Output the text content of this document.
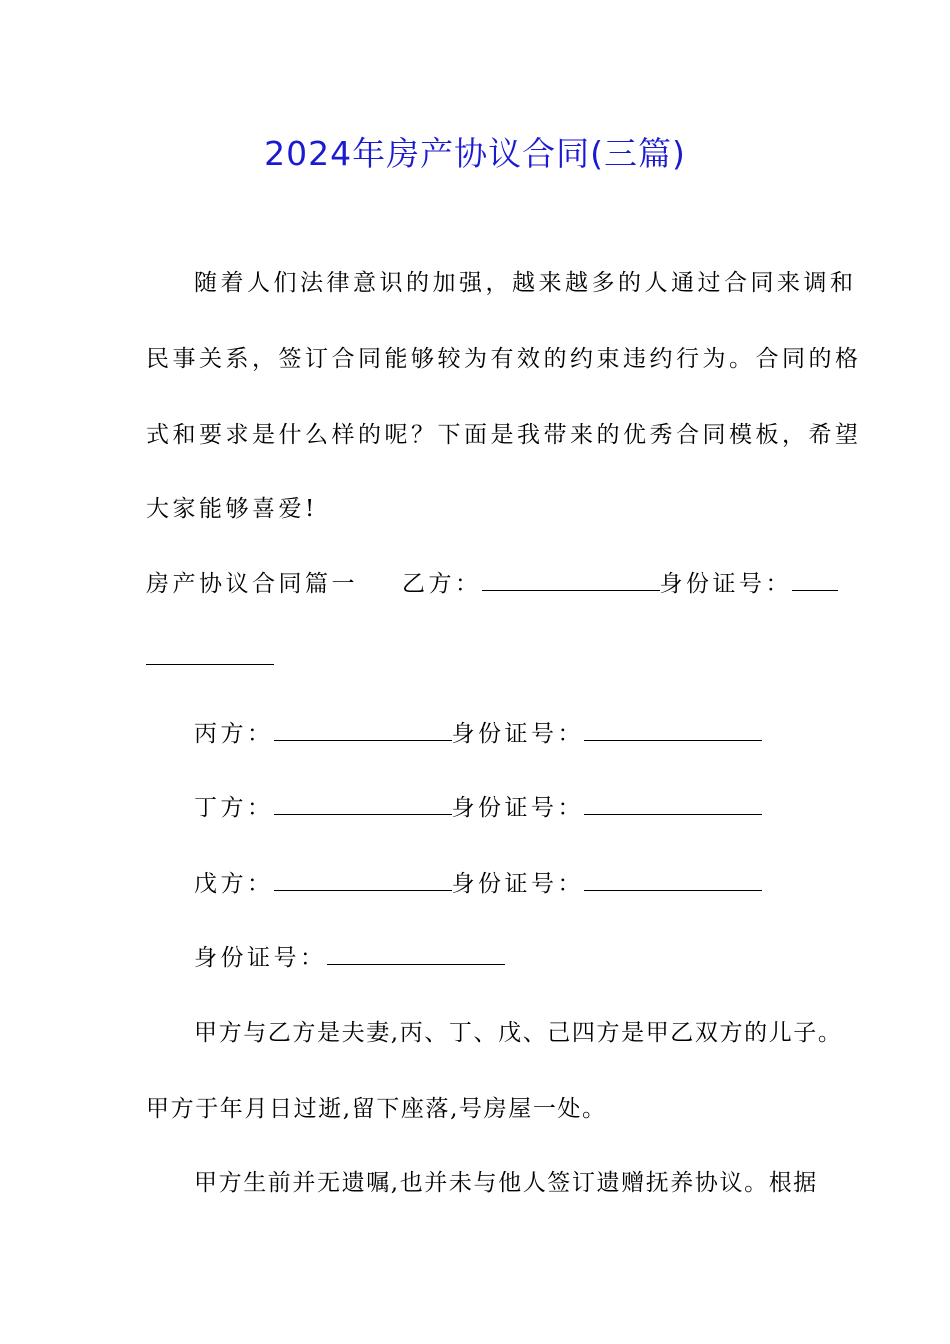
2024年房产协议合同(三篇)
随着人们法律意识的加强，越来越多的人通过合同来调和
民事关系，签订合同能够较为有效的约束违约行为。合同的格
式和要求是什么样的呢？下面是我带来的优秀合同模板，希望
大家能够喜爱!
房产协议合同篇一 乙方：	身份证号：
丙方：	身份证号：
丁方：	身份证号：
戊方：	身份证号：
身份证号：
甲方与乙方是夫妻,丙、丁、戊、己四方是甲乙双方的儿子。
甲方于年月日过逝,留下座落,号房屋一处。
甲方生前并无遗嘱,也并未与他人签订遗赠抚养协议。根据
